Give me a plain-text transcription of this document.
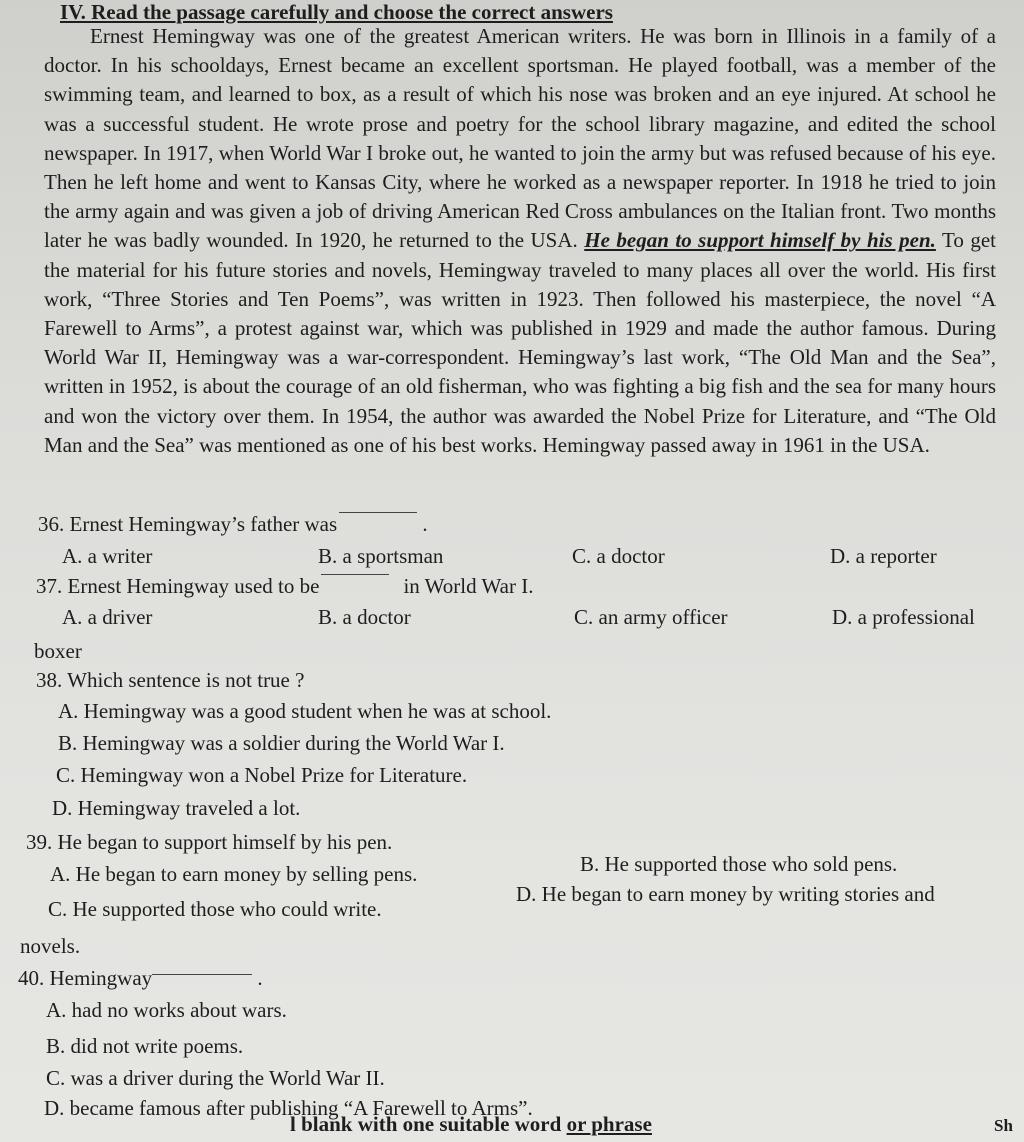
IV. Read the passage carefully and choose the correct answers

Ernest Hemingway was one of the greatest American writers. He was born in Illinois in a family of a doctor. In his schooldays, Ernest became an excellent sportsman. He played football, was a member of the swimming team, and learned to box, as a result of which his nose was broken and an eye injured. At school he was a successful student. He wrote prose and poetry for the school library magazine, and edited the school newspaper. In 1917, when World War I broke out, he wanted to join the army but was refused because of his eye. Then he left home and went to Kansas City, where he worked as a newspaper reporter. In 1918 he tried to join the army again and was given a job of driving American Red Cross ambulances on the Italian front. Two months later he was badly wounded. In 1920, he returned to the USA. He began to support himself by his pen. To get the material for his future stories and novels, Hemingway traveled to many places all over the world. His first work, “Three Stories and Ten Poems”, was written in 1923. Then followed his masterpiece, the novel “A Farewell to Arms”, a protest against war, which was published in 1929 and made the author famous. During World War II, Hemingway was a war-correspondent. Hemingway’s last work, “The Old Man and the Sea”, written in 1952, is about the courage of an old fisherman, who was fighting a big fish and the sea for many hours and won the victory over them. In 1954, the author was awarded the Nobel Prize for Literature, and “The Old Man and the Sea” was mentioned as one of his best works. Hemingway passed away in 1961 in the USA.

36. Ernest Hemingway’s father was	.
A. a writer	B. a sportsman	C. a doctor	D. a reporter
37. Ernest Hemingway used to be	in World War I.
A. a driver	B. a doctor	C. an army officer	D. a professional
boxer
38. Which sentence is not true ?
A. Hemingway was a good student when he was at school.
B. Hemingway was a soldier during the World War I.
C. Hemingway won a Nobel Prize for Literature.
D. Hemingway traveled a lot.
39. He began to support himself by his pen.
A. He began to earn money by selling pens.	B. He supported those who sold pens.
C. He supported those who could write.
D. He began to earn money by writing stories and
novels.
40. Hemingway	.
A. had no works about wars.
B. did not write poems.
C. was a driver during the World War II.
D. became famous after publishing “A Farewell to Arms”.
l blank with one suitable word or phrase	Sh
